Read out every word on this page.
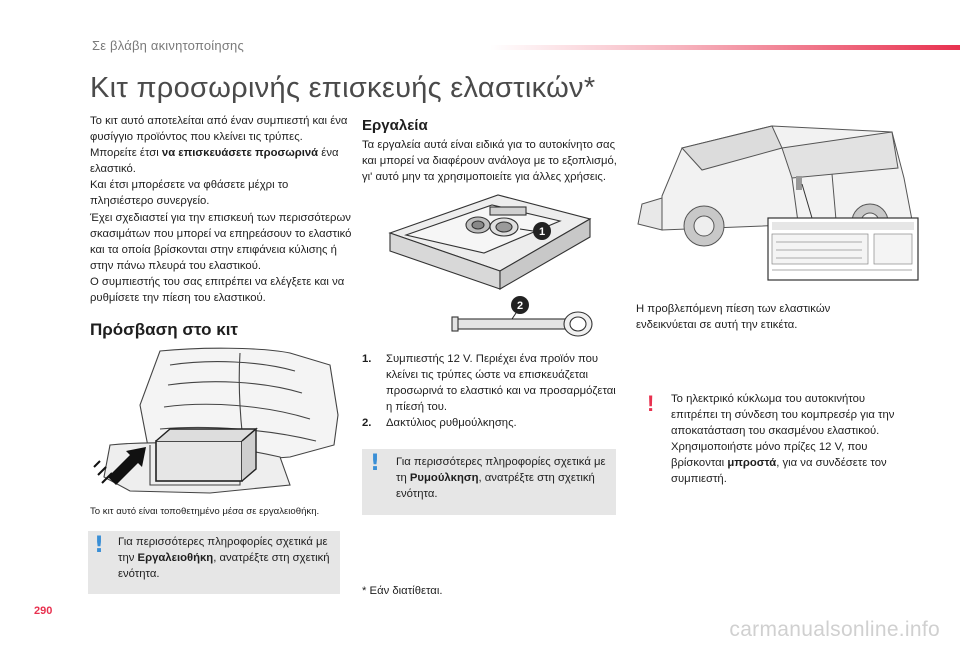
Σε βλάβη ακινητοποίησης
Κιτ προσωρινής επισκευής ελαστικών*
Το κιτ αυτό αποτελείται από έναν συμπιεστή και ένα φυσίγγιο προϊόντος που κλείνει τις τρύπες. Μπορείτε έτσι να επισκευάσετε προσωρινά ένα ελαστικό.
Και έτσι μπορέσετε να φθάσετε μέχρι το πλησιέστερο συνεργείο.
Έχει σχεδιαστεί για την επισκευή των περισσότερων σκασιμάτων που μπορεί να επηρεάσουν το ελαστικό και τα οποία βρίσκονται στην επιφάνεια κύλισης ή στην πάνω πλευρά του ελαστικού.
Ο συμπιεστής του σας επιτρέπει να ελέγξετε και να ρυθμίσετε την πίεση του ελαστικού.
Πρόσβαση στο κιτ
Το κιτ αυτό είναι τοποθετημένο μέσα σε εργαλειοθήκη.
! Για περισσότερες πληροφορίες σχετικά με την Εργαλειοθήκη, ανατρέξτε στη σχετική ενότητα.
Εργαλεία
Τα εργαλεία αυτά είναι ειδικά για το αυτοκίνητο σας και μπορεί να διαφέρουν ανάλογα με το εξοπλισμό, γι' αυτό μην τα χρησιμοποιείτε για άλλες χρήσεις.
1
2
1.	Συμπιεστής 12 V. Περιέχει ένα προϊόν που κλείνει τις τρύπες ώστε να επισκευάζεται προσωρινά το ελαστικό και να προσαρμόζεται η πίεσή του.
2.	Δακτύλιος ρυθμούλκησης.
! Για περισσότερες πληροφορίες σχετικά με τη Ρυμούλκηση, ανατρέξτε στη σχετική ενότητα.
* Εάν διατίθεται.
Η προβλεπόμενη πίεση των ελαστικών ενδεικνύεται σε αυτή την ετικέτα.
! Το ηλεκτρικό κύκλωμα του αυτοκινήτου επιτρέπει τη σύνδεση του κομπρεσέρ για την αποκατάσταση του σκασμένου ελαστικού.
Χρησιμοποιήστε μόνο πρίζες 12 V, που βρίσκονται μπροστά, για να συνδέσετε τον συμπιεστή.
290
carmanualsonline.info
